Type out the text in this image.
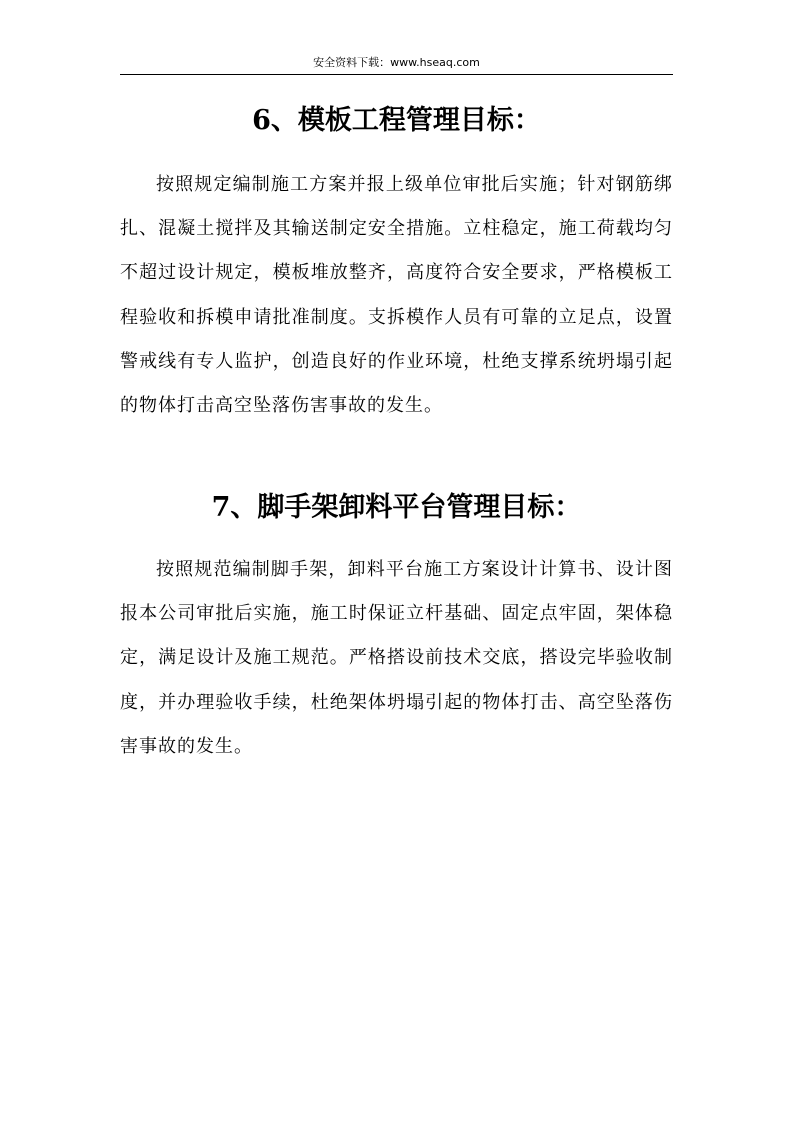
安全资料下载：www.hseaq.com
6、模板工程管理目标：

按照规定编制施工方案并报上级单位审批后实施；针对钢筋绑扎、混凝土搅拌及其输送制定安全措施。立柱稳定，施工荷载均匀不超过设计规定，模板堆放整齐，高度符合安全要求，严格模板工程验收和拆模申请批准制度。支拆模作人员有可靠的立足点，设置警戒线有专人监护，创造良好的作业环境，杜绝支撑系统坍塌引起的物体打击高空坠落伤害事故的发生。

7、脚手架卸料平台管理目标：

按照规范编制脚手架，卸料平台施工方案设计计算书、设计图报本公司审批后实施，施工时保证立杆基础、固定点牢固，架体稳定，满足设计及施工规范。严格搭设前技术交底，搭设完毕验收制度，并办理验收手续，杜绝架体坍塌引起的物体打击、高空坠落伤害事故的发生。
